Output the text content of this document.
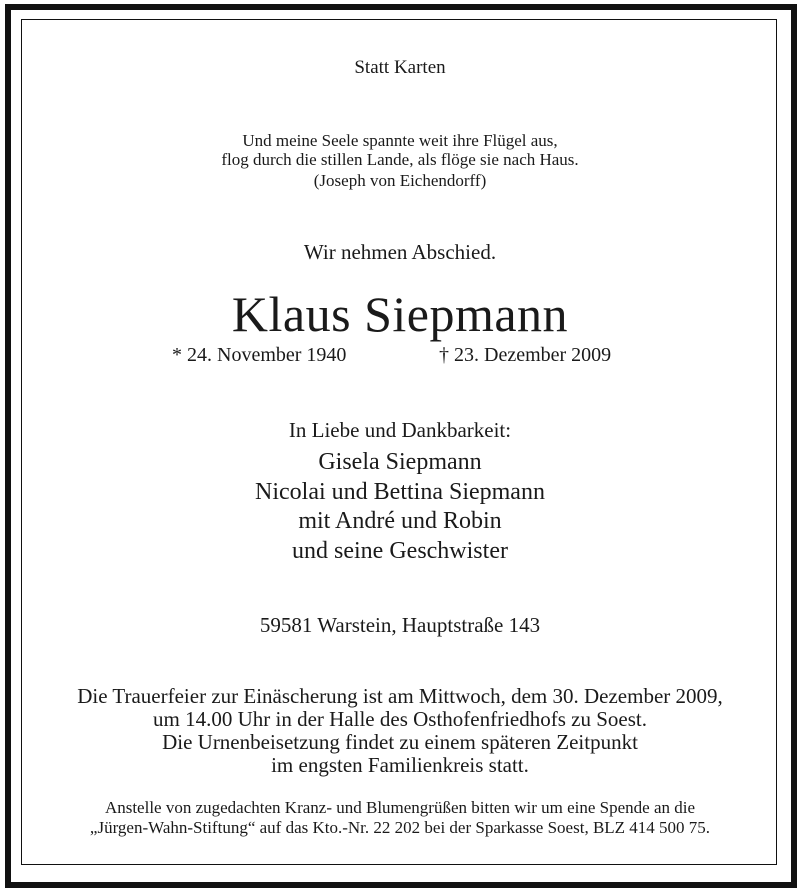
Statt Karten
Und meine Seele spannte weit ihre Flügel aus,
flog durch die stillen Lande, als flöge sie nach Haus.
(Joseph von Eichendorff)
Wir nehmen Abschied.
Klaus Siepmann
* 24. November 1940	† 23. Dezember 2009
In Liebe und Dankbarkeit:
Gisela Siepmann
Nicolai und Bettina Siepmann
mit André und Robin
und seine Geschwister
59581 Warstein, Hauptstraße 143
Die Trauerfeier zur Einäscherung ist am Mittwoch, dem 30. Dezember 2009,
um 14.00 Uhr in der Halle des Osthofenfriedhofs zu Soest.
Die Urnenbeisetzung findet zu einem späteren Zeitpunkt
im engsten Familienkreis statt.
Anstelle von zugedachten Kranz- und Blumengrüßen bitten wir um eine Spende an die
„Jürgen-Wahn-Stiftung“ auf das Kto.-Nr. 22 202 bei der Sparkasse Soest, BLZ 414 500 75.
